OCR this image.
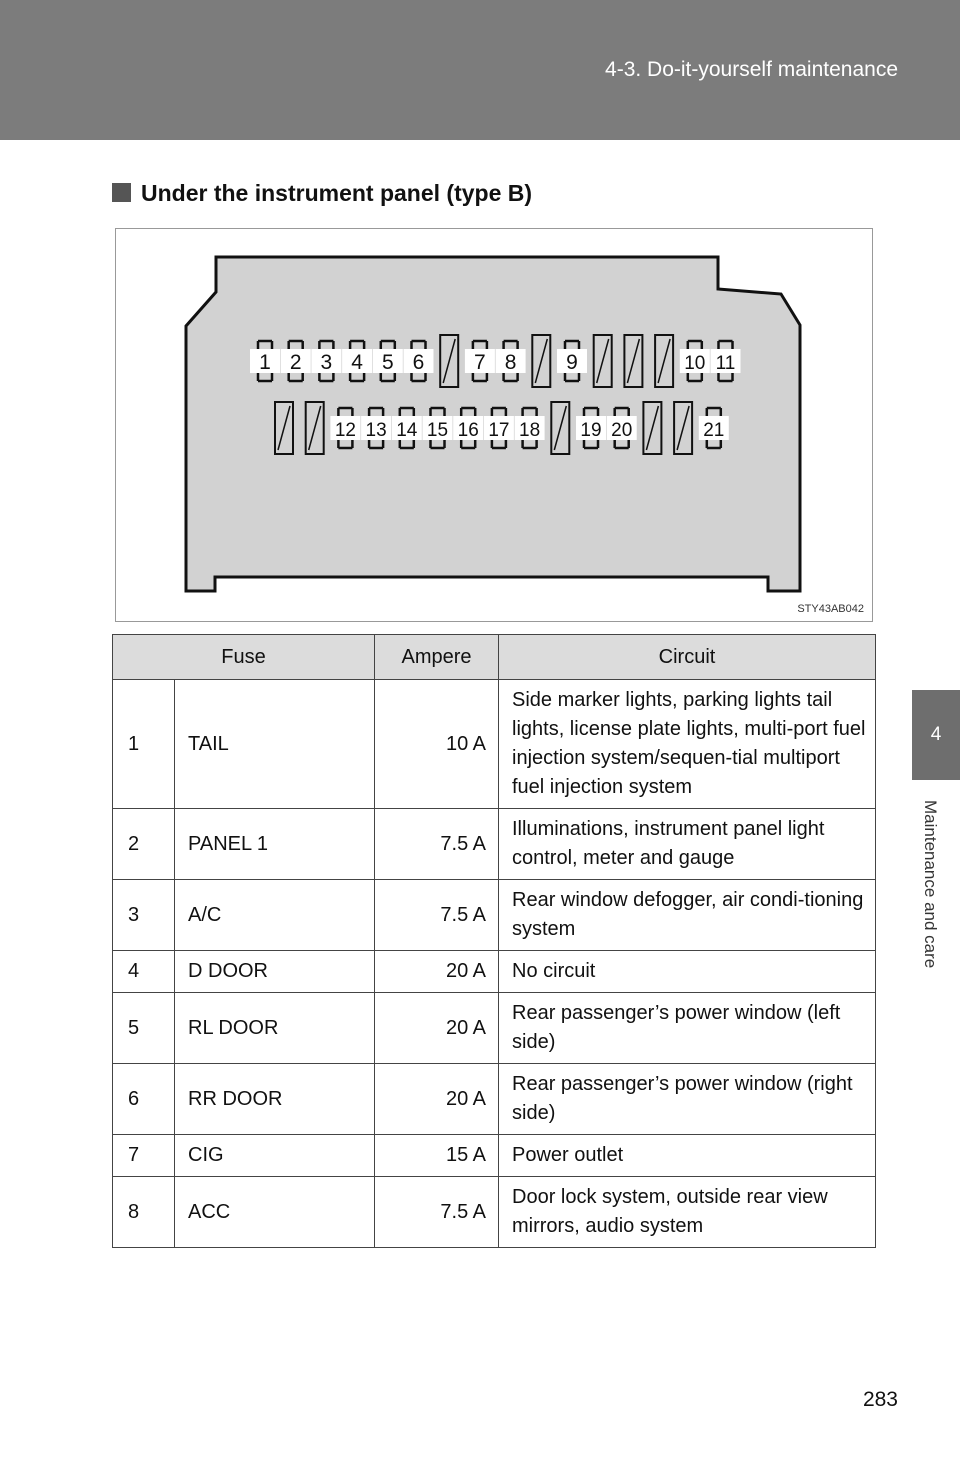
4-3. Do-it-yourself maintenance
4
Maintenance and care
Under the instrument panel (type B)
1 2 3 4 5 6 7 8 9	10 11
12 13 14 15 16 17 18 19 20	21
STY43AB042
Fuse		Ampere	Circuit
1	TAIL	10 A	Side marker lights, parking lights tail lights, license plate lights, multi-port fuel injection system/sequen-tial multiport fuel injection system
2	PANEL 1	7.5 A	Illuminations, instrument panel light control, meter and gauge
3	A/C	7.5 A	Rear window defogger, air condi-tioning system
4	D DOOR	20 A	No circuit
5	RL DOOR	20 A	Rear passenger’s power window (left side)
6	RR DOOR	20 A	Rear passenger’s power window (right side)
7	CIG	15 A	Power outlet
8	ACC	7.5 A	Door lock system, outside rear view mirrors, audio system
283
